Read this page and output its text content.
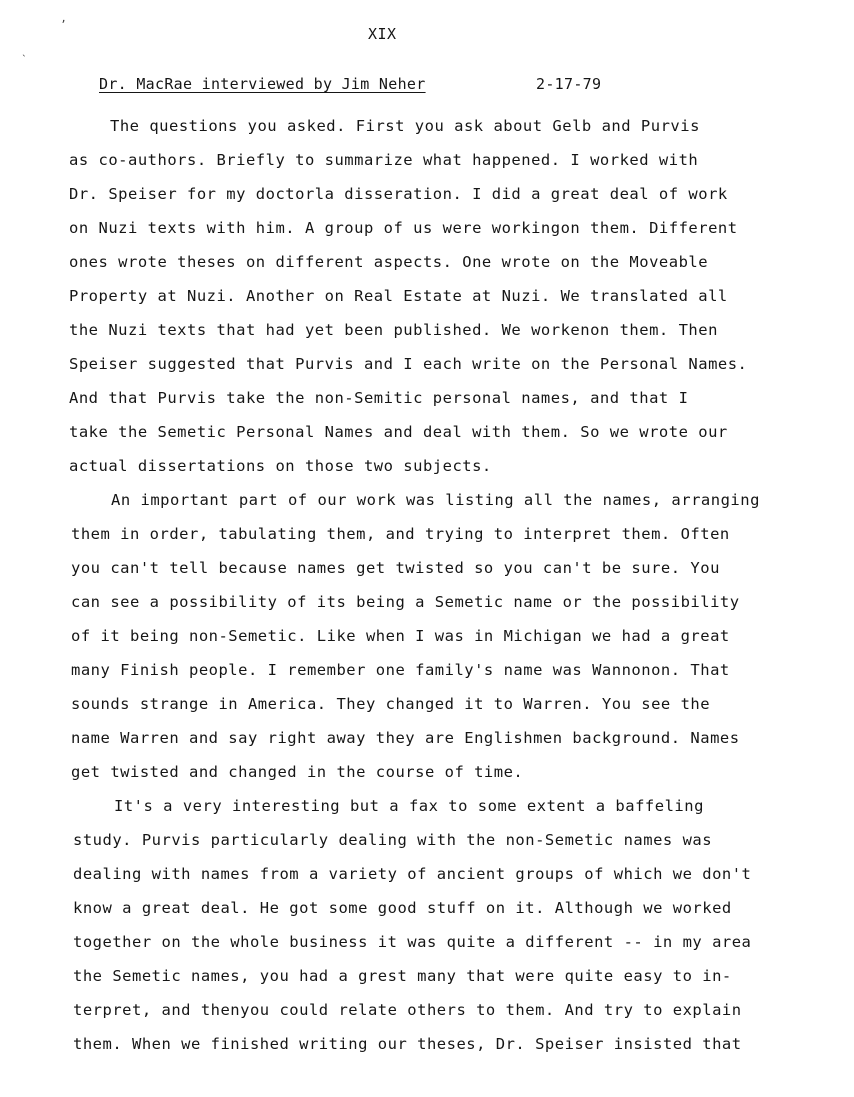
ʼ
˴
XIX
Dr. MacRae interviewed by Jim Neher	2-17-79
The questions you asked. First you ask about Gelb and Purvis
as co-authors. Briefly to summarize what happened. I worked with
Dr. Speiser for my doctorla disseration. I did a great deal of work
on Nuzi texts with him. A group of us were workingon them. Different
ones wrote theses on different aspects. One wrote on the Moveable
Property at Nuzi. Another on Real Estate at Nuzi. We translated all
the Nuzi texts that had yet been published. We workenon them. Then
Speiser suggested that Purvis and I each write on the Personal Names.
And that Purvis take the non-Semitic personal names, and that I
take the Semetic Personal Names and deal with them. So we wrote our
actual dissertations on those two subjects.
An important part of our work was listing all the names, arranging
them in order, tabulating them, and trying to interpret them. Often
you can't tell because names get twisted so you can't be sure. You
can see a possibility of its being a Semetic name or the possibility
of it being non-Semetic. Like when I was in Michigan we had a great
many Finish people. I remember one family's name was Wannonon. That
sounds strange in America. They changed it to Warren. You see the
name Warren and say right away they are Englishmen background. Names
get twisted and changed in the course of time.
It's a very interesting but a fax to some extent a baffeling
study. Purvis particularly dealing with the non-Semetic names was
dealing with names from a variety of ancient groups of which we don't
know a great deal. He got some good stuff on it. Although we worked
together on the whole business it was quite a different -- in my area
the Semetic names, you had a grest many that were quite easy to in-
terpret, and thenyou could relate others to them. And try to explain
them. When we finished writing our theses, Dr. Speiser insisted that
